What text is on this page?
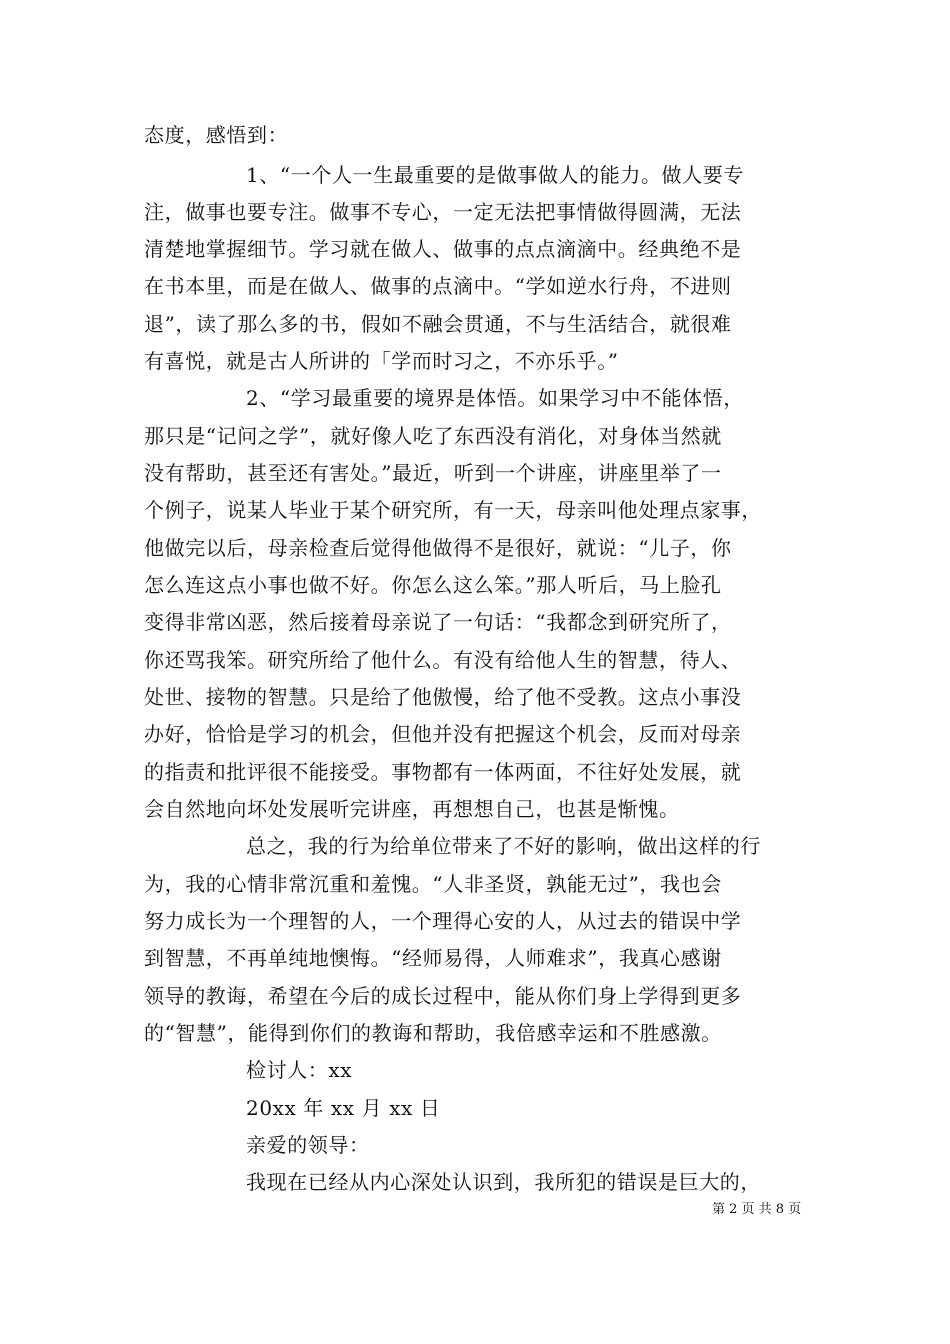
态度，感悟到：
1、“一个人一生最重要的是做事做人的能力。做人要专
注，做事也要专注。做事不专心，一定无法把事情做得圆满，无法
清楚地掌握细节。学习就在做人、做事的点点滴滴中。经典绝不是
在书本里，而是在做人、做事的点滴中。“学如逆水行舟，不进则
退”，读了那么多的书，假如不融会贯通，不与生活结合，就很难
有喜悦，就是古人所讲的「学而时习之，不亦乐乎。”
2、“学习最重要的境界是体悟。如果学习中不能体悟，
那只是“记问之学”，就好像人吃了东西没有消化，对身体当然就
没有帮助，甚至还有害处。”最近，听到一个讲座，讲座里举了一
个例子，说某人毕业于某个研究所，有一天，母亲叫他处理点家事，
他做完以后，母亲检查后觉得他做得不是很好，就说：“儿子，你
怎么连这点小事也做不好。你怎么这么笨。”那人听后，马上脸孔
变得非常凶恶，然后接着母亲说了一句话：“我都念到研究所了，
你还骂我笨。研究所给了他什么。有没有给他人生的智慧，待人、
处世、接物的智慧。只是给了他傲慢，给了他不受教。这点小事没
办好，恰恰是学习的机会，但他并没有把握这个机会，反而对母亲
的指责和批评很不能接受。事物都有一体两面，不往好处发展，就
会自然地向坏处发展听完讲座，再想想自己，也甚是惭愧。
总之，我的行为给单位带来了不好的影响，做出这样的行
为，我的心情非常沉重和羞愧。“人非圣贤，孰能无过”，我也会
努力成长为一个理智的人，一个理得心安的人，从过去的错误中学
到智慧，不再单纯地懊悔。“经师易得，人师难求”，我真心感谢
领导的教诲，希望在今后的成长过程中，能从你们身上学得到更多
的“智慧”，能得到你们的教诲和帮助，我倍感幸运和不胜感激。
检讨人：xx
20xx 年 xx 月 xx 日
亲爱的领导：
我现在已经从内心深处认识到，我所犯的错误是巨大的，
第 2 页 共 8 页
